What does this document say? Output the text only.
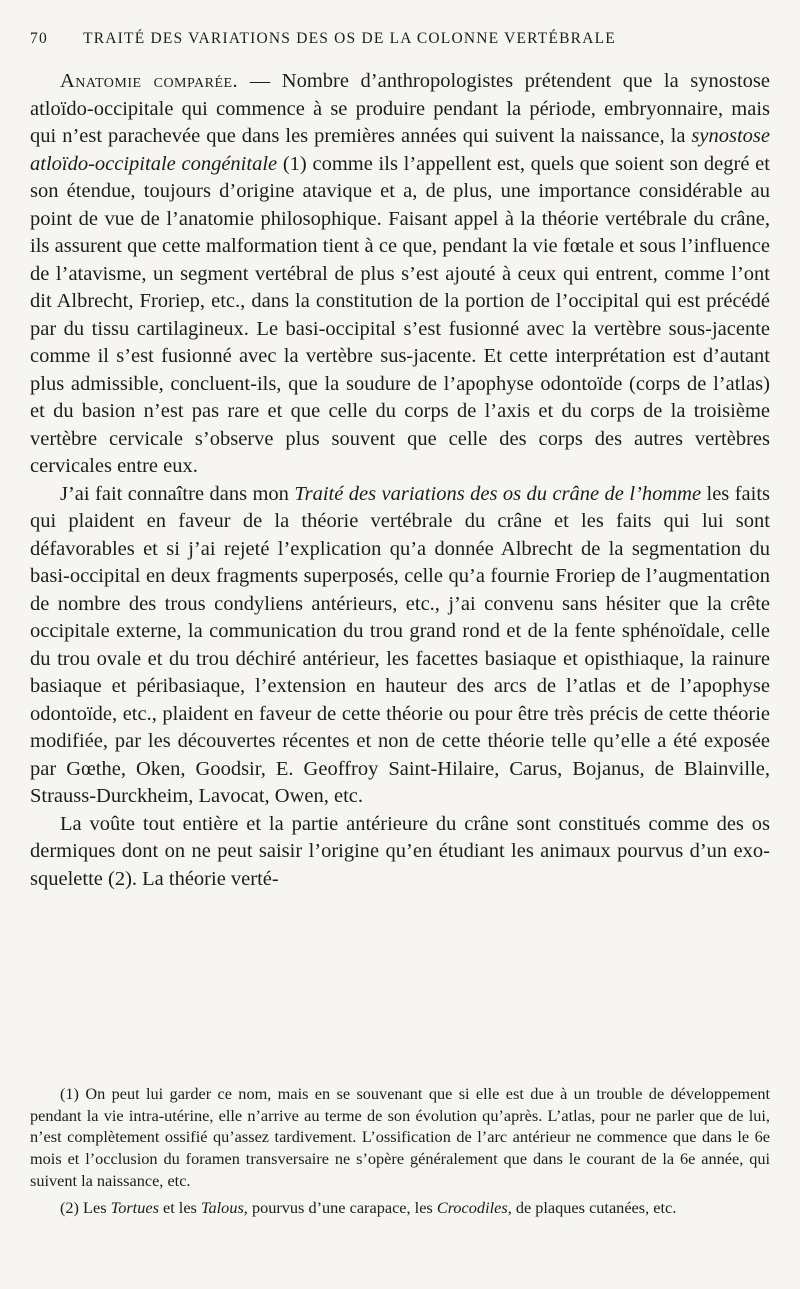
70 TRAITÉ DES VARIATIONS DES OS DE LA COLONNE VERTÉBRALE

Anatomie comparée. — Nombre d’anthropologistes prétendent que la synostose atloïdo-occipitale qui commence à se produire pendant la période, embryonnaire, mais qui n’est parachevée que dans les premières années qui suivent la naissance, la synostose atloïdo-occipitale congénitale (1) comme ils l’appellent est, quels que soient son degré et son étendue, toujours d’origine atavique et a, de plus, une importance considérable au point de vue de l’anatomie philosophique. Faisant appel à la théorie vertébrale du crâne, ils assurent que cette malformation tient à ce que, pendant la vie fœtale et sous l’influence de l’atavisme, un segment vertébral de plus s’est ajouté à ceux qui entrent, comme l’ont dit Albrecht, Froriep, etc., dans la constitution de la portion de l’occipital qui est précédé par du tissu cartilagineux. Le basi-occipital s’est fusionné avec la vertèbre sous-jacente comme il s’est fusionné avec la vertèbre sus-jacente. Et cette interprétation est d’autant plus admissible, concluent-ils, que la soudure de l’apophyse odontoïde (corps de l’atlas) et du basion n’est pas rare et que celle du corps de l’axis et du corps de la troisième vertèbre cervicale s’observe plus souvent que celle des corps des autres vertèbres cervicales entre eux.

J’ai fait connaître dans mon Traité des variations des os du crâne de l’homme les faits qui plaident en faveur de la théorie vertébrale du crâne et les faits qui lui sont défavorables et si j’ai rejeté l’explication qu’a donnée Albrecht de la segmentation du basi-occipital en deux fragments superposés, celle qu’a fournie Froriep de l’augmentation de nombre des trous condyliens antérieurs, etc., j’ai convenu sans hésiter que la crête occipitale externe, la communication du trou grand rond et de la fente sphénoïdale, celle du trou ovale et du trou déchiré antérieur, les facettes basiaque et opisthiaque, la rainure basiaque et péribasiaque, l’extension en hauteur des arcs de l’atlas et de l’apophyse odontoïde, etc., plaident en faveur de cette théorie ou pour être très précis de cette théorie modifiée, par les découvertes récentes et non de cette théorie telle qu’elle a été exposée par Gœthe, Oken, Goodsir, E. Geoffroy Saint-Hilaire, Carus, Bojanus, de Blainville, Strauss-Durckheim, Lavocat, Owen, etc.

La voûte tout entière et la partie antérieure du crâne sont constitués comme des os dermiques dont on ne peut saisir l’origine qu’en étudiant les animaux pourvus d’un exo-squelette (2). La théorie verté-

(1) On peut lui garder ce nom, mais en se souvenant que si elle est due à un trouble de développement pendant la vie intra-utérine, elle n’arrive au terme de son évolution qu’après. L’atlas, pour ne parler que de lui, n’est complètement ossifié qu’assez tardivement. L’ossification de l’arc antérieur ne commence que dans le 6e mois et l’occlusion du foramen transversaire ne s’opère généralement que dans le courant de la 6e année, qui suivent la naissance, etc.

(2) Les Tortues et les Talous, pourvus d’une carapace, les Crocodiles, de plaques cutanées, etc.
